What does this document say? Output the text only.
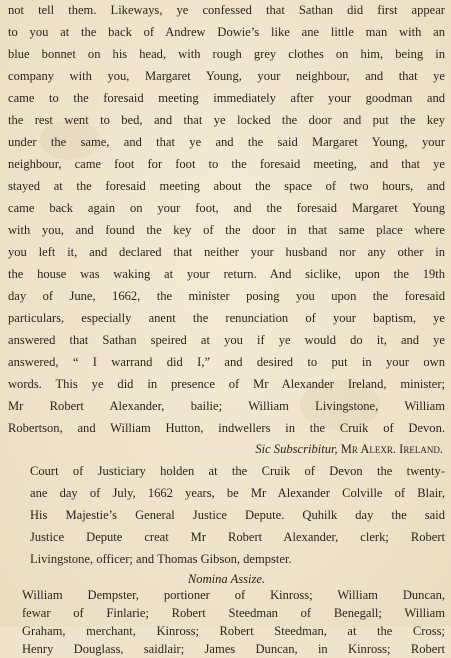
not tell them. Likeways, ye confessed that Sathan did first appear
to you at the back of Andrew Dowie’s like ane little man with an
blue bonnet on his head, with rough grey clothes on him, being in
company with you, Margaret Young, your neighbour, and that ye
came to the foresaid meeting immediately after your goodman and
the rest went to bed, and that ye locked the door and put the key
under the same, and that ye and the said Margaret Young, your
neighbour, came foot for foot to the foresaid meeting, and that ye
stayed at the foresaid meeting about the space of two hours, and
came back again on your foot, and the foresaid Margaret Young
with you, and found the key of the door in that same place where
you left it, and declared that neither your husband nor any other in
the house was waking at your return. And siclike, upon the 19th
day of June, 1662, the minister posing you upon the foresaid
particulars, especially anent the renunciation of your baptism, ye
answered that Sathan speired at you if ye would do it, and ye
answered, “ I warrand did I,” and desired to put in your own
words. This ye did in presence of Mr Alexander Ireland, minister;
Mr Robert Alexander, bailie; William Livingstone, William
Robertson, and William Hutton, indwellers in the Cruik of Devon.
Sic Subscribitur, Mr Alexr. Ireland.
Court of Justiciary holden at the Cruik of Devon the twenty-
ane day of July, 1662 years, be Mr Alexander Colville of Blair,
His Majestie’s General Justice Depute. Quhilk day the said
Justice Depute creat Mr Robert Alexander, clerk; Robert
Livingstone, officer; and Thomas Gibson, dempster.
Nomina Assize.
William Dempster, portioner of Kinross; William Duncan,
fewar of Finlarie; Robert Steedman of Benegall; William
Graham, merchant, Kinross; Robert Steedman, at the Cross;
Henry Douglass, saidlair; James Duncan, in Kinross; Robert
